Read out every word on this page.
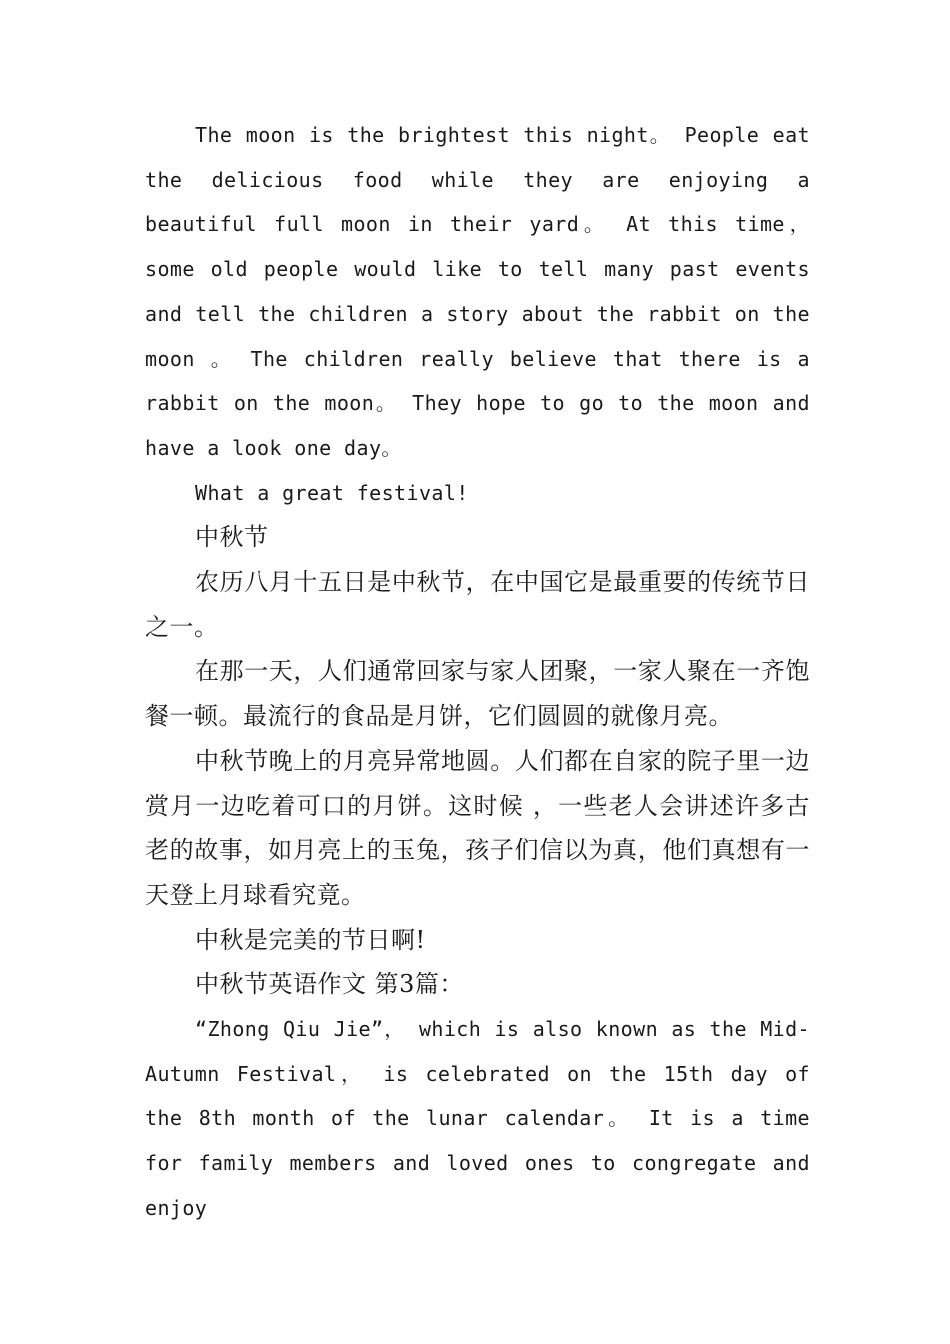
The moon is the brightest this night。 People eat the delicious food while they are enjoying a beautiful full moon in their yard。 At this time， some old people would like to tell many past events and tell the children a story about the rabbit on the moon 。 The children really believe that there is a rabbit on the moon。 They hope to go to the moon and have a look one day。

What a great festival!

中秋节

农历八月十五日是中秋节，在中国它是最重要的传统节日之一。

在那一天，人们通常回家与家人团聚，一家人聚在一齐饱餐一顿。最流行的食品是月饼，它们圆圆的就像月亮。

中秋节晚上的月亮异常地圆。人们都在自家的院子里一边赏月一边吃着可口的月饼。这时候 ，一些老人会讲述许多古老的故事，如月亮上的玉兔，孩子们信以为真，他们真想有一天登上月球看究竟。

中秋是完美的节日啊!

中秋节英语作文 第3篇：

“Zhong Qiu Jie”， which is also known as the Mid-Autumn Festival， is celebrated on the 15th day of the 8th month of the lunar calendar。 It is a time for family members and loved ones to congregate and enjoy
